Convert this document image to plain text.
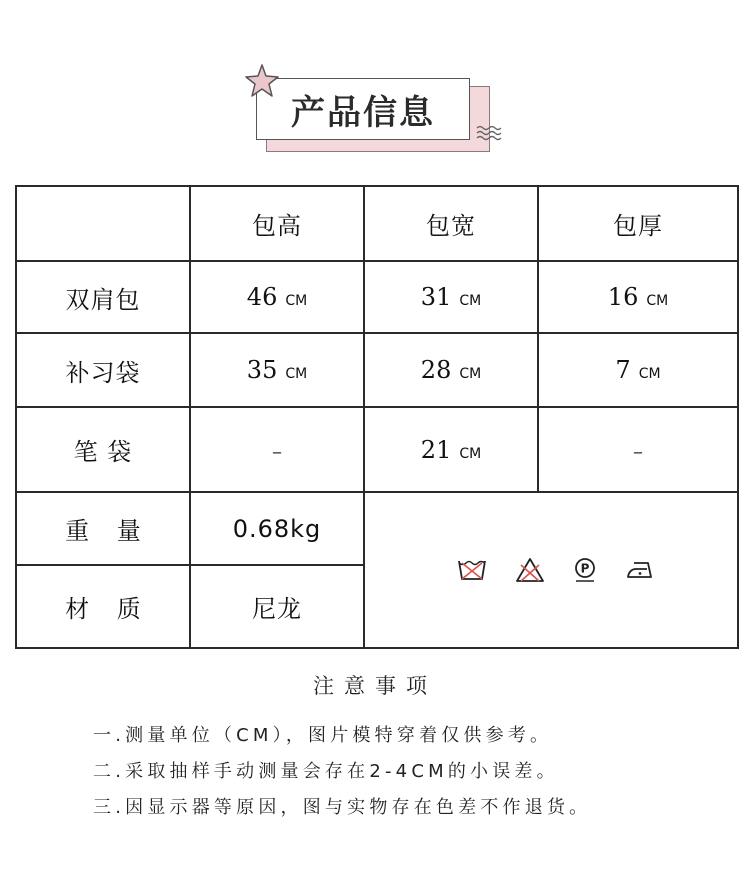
产品信息
	包高	包宽	包厚
双肩包	46 CM	31 CM	16 CM
补习袋	35 CM	28 CM	7 CM
笔 袋	–	21 CM	–
重 量	0.68kg	P	

材 质	尼龙		
注意事项
一.测量单位（CM），图片模特穿着仅供参考。
二.采取抽样手动测量会存在2-4CM的小误差。
三.因显示器等原因，图与实物存在色差不作退货。
